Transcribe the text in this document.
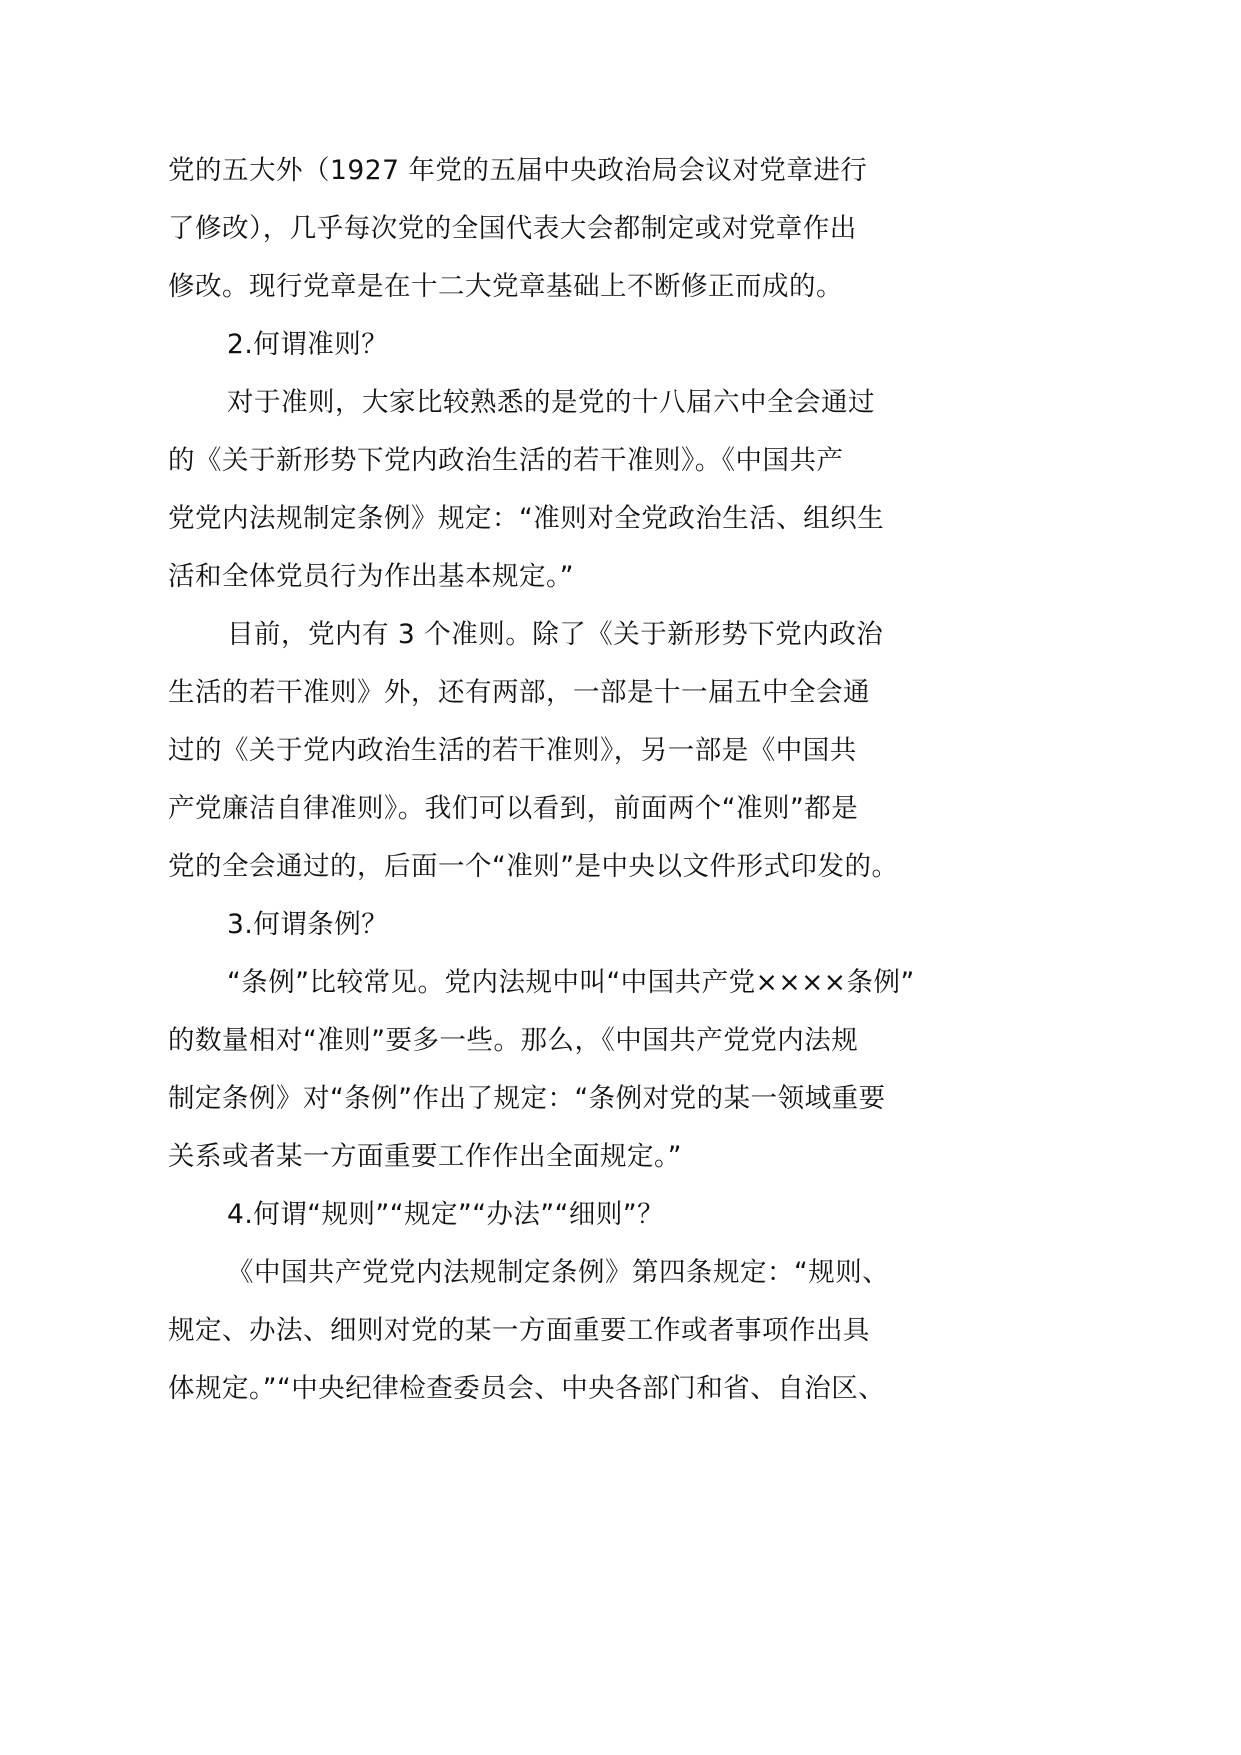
党的五大外（1927 年党的五届中央政治局会议对党章进行
了修改），几乎每次党的全国代表大会都制定或对党章作出
修改。现行党章是在十二大党章基础上不断修正而成的。
2.何谓准则？
对于准则，大家比较熟悉的是党的十八届六中全会通过
的《关于新形势下党内政治生活的若干准则》。《中国共产
党党内法规制定条例》规定：“准则对全党政治生活、组织生
活和全体党员行为作出基本规定。”
目前，党内有 3 个准则。除了《关于新形势下党内政治
生活的若干准则》外，还有两部，一部是十一届五中全会通
过的《关于党内政治生活的若干准则》，另一部是《中国共
产党廉洁自律准则》。我们可以看到，前面两个“准则”都是
党的全会通过的，后面一个“准则”是中央以文件形式印发的。
3.何谓条例？
“条例”比较常见。党内法规中叫“中国共产党××××条例”
的数量相对“准则”要多一些。那么，《中国共产党党内法规
制定条例》对“条例”作出了规定：“条例对党的某一领域重要
关系或者某一方面重要工作作出全面规定。”
4.何谓“规则”“规定”“办法”“细则”？
《中国共产党党内法规制定条例》第四条规定：“规则、
规定、办法、细则对党的某一方面重要工作或者事项作出具
体规定。”“中央纪律检查委员会、中央各部门和省、自治区、
